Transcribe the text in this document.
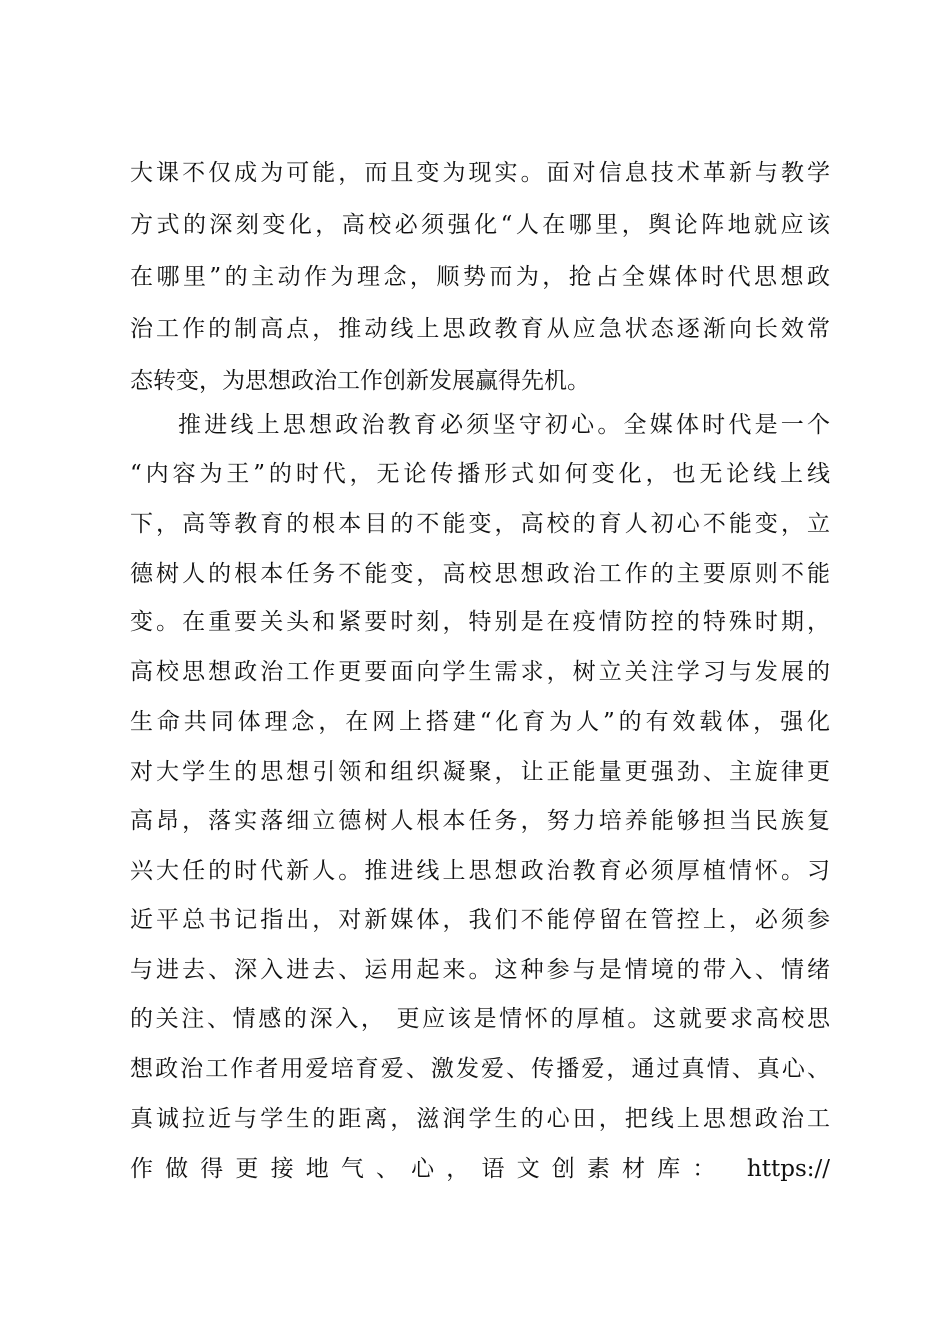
大课不仅成为可能，而且变为现实。面对信息技术革新与教学
方式的深刻变化，高校必须强化“人在哪里，舆论阵地就应该
在哪里”的主动作为理念，顺势而为，抢占全媒体时代思想政
治工作的制高点，推动线上思政教育从应急状态逐渐向长效常
态转变，为思想政治工作创新发展赢得先机。
推进线上思想政治教育必须坚守初心。全媒体时代是一个
“内容为王”的时代，无论传播形式如何变化，也无论线上线
下，高等教育的根本目的不能变，高校的育人初心不能变，立
德树人的根本任务不能变，高校思想政治工作的主要原则不能
变。在重要关头和紧要时刻，特别是在疫情防控的特殊时期，
高校思想政治工作更要面向学生需求，树立关注学习与发展的
生命共同体理念，在网上搭建“化育为人”的有效载体，强化
对大学生的思想引领和组织凝聚，让正能量更强劲、主旋律更
高昂，落实落细立德树人根本任务，努力培养能够担当民族复
兴大任的时代新人。推进线上思想政治教育必须厚植情怀。习
近平总书记指出，对新媒体，我们不能停留在管控上，必须参
与进去、深入进去、运用起来。这种参与是情境的带入、情绪
的关注、情感的深入， 更应该是情怀的厚植。这就要求高校思
想政治工作者用爱培育爱、激发爱、传播爱，通过真情、真心、
真诚拉近与学生的距离，滋润学生的心田，把线上思想政治工
作做得更接地气、心，语文创素材库： https://
